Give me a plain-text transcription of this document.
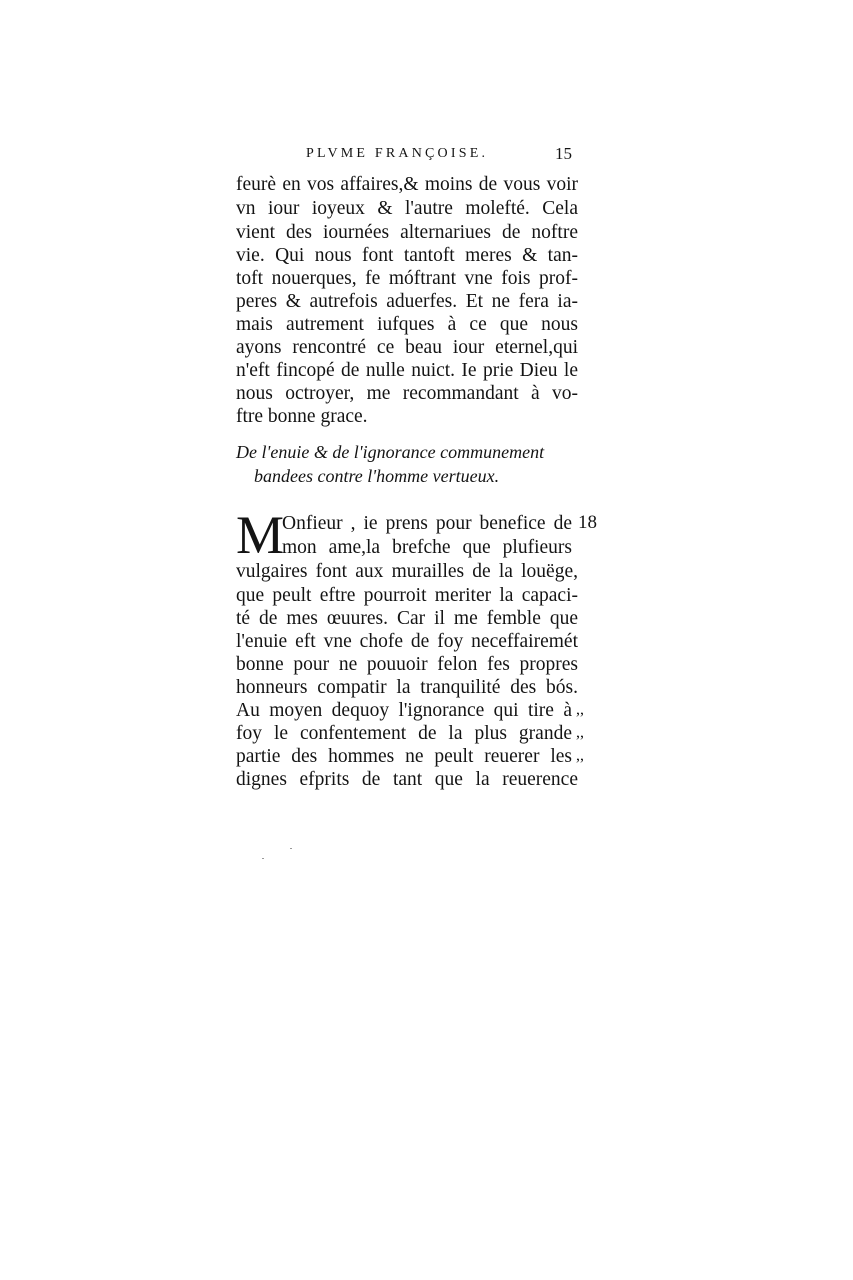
PLVME FRANÇOISE.	15
feurè en vos affaires,& moins de vous voir
vn iour ioyeux & l'autre molefté. Cela
vient des iournées alternariues de noftre
vie. Qui nous font tantoft meres & tan-
toft nouerques, fe móftrant vne fois prof-
peres & autrefois aduerfes. Et ne fera ia-
mais autrement iufques à ce que nous
ayons rencontré ce beau iour eternel,qui
n'eft fincopé de nulle nuict. Ie prie Dieu le
nous octroyer, me recommandant à vo-
ftre bonne grace.
De l'enuie & de l'ignorance communement
bandees contre l'homme vertueux.
M	18
Onfieur , ie prens pour benefice de
mon ame,la brefche que plufieurs
vulgaires font aux murailles de la louëge,
que peult eftre pourroit meriter la capaci-
té de mes œuures. Car il me femble que
l'enuie eft vne chofe de foy neceffairemét
bonne pour ne pouuoir felon fes propres
honneurs compatir la tranquilité des bós.
Au moyen dequoy l'ignorance qui tire à
foy le confentement de la plus grande
partie des hommes ne peult reuerer les
dignes efprits de tant que la reuerence
,,
,,
,,
